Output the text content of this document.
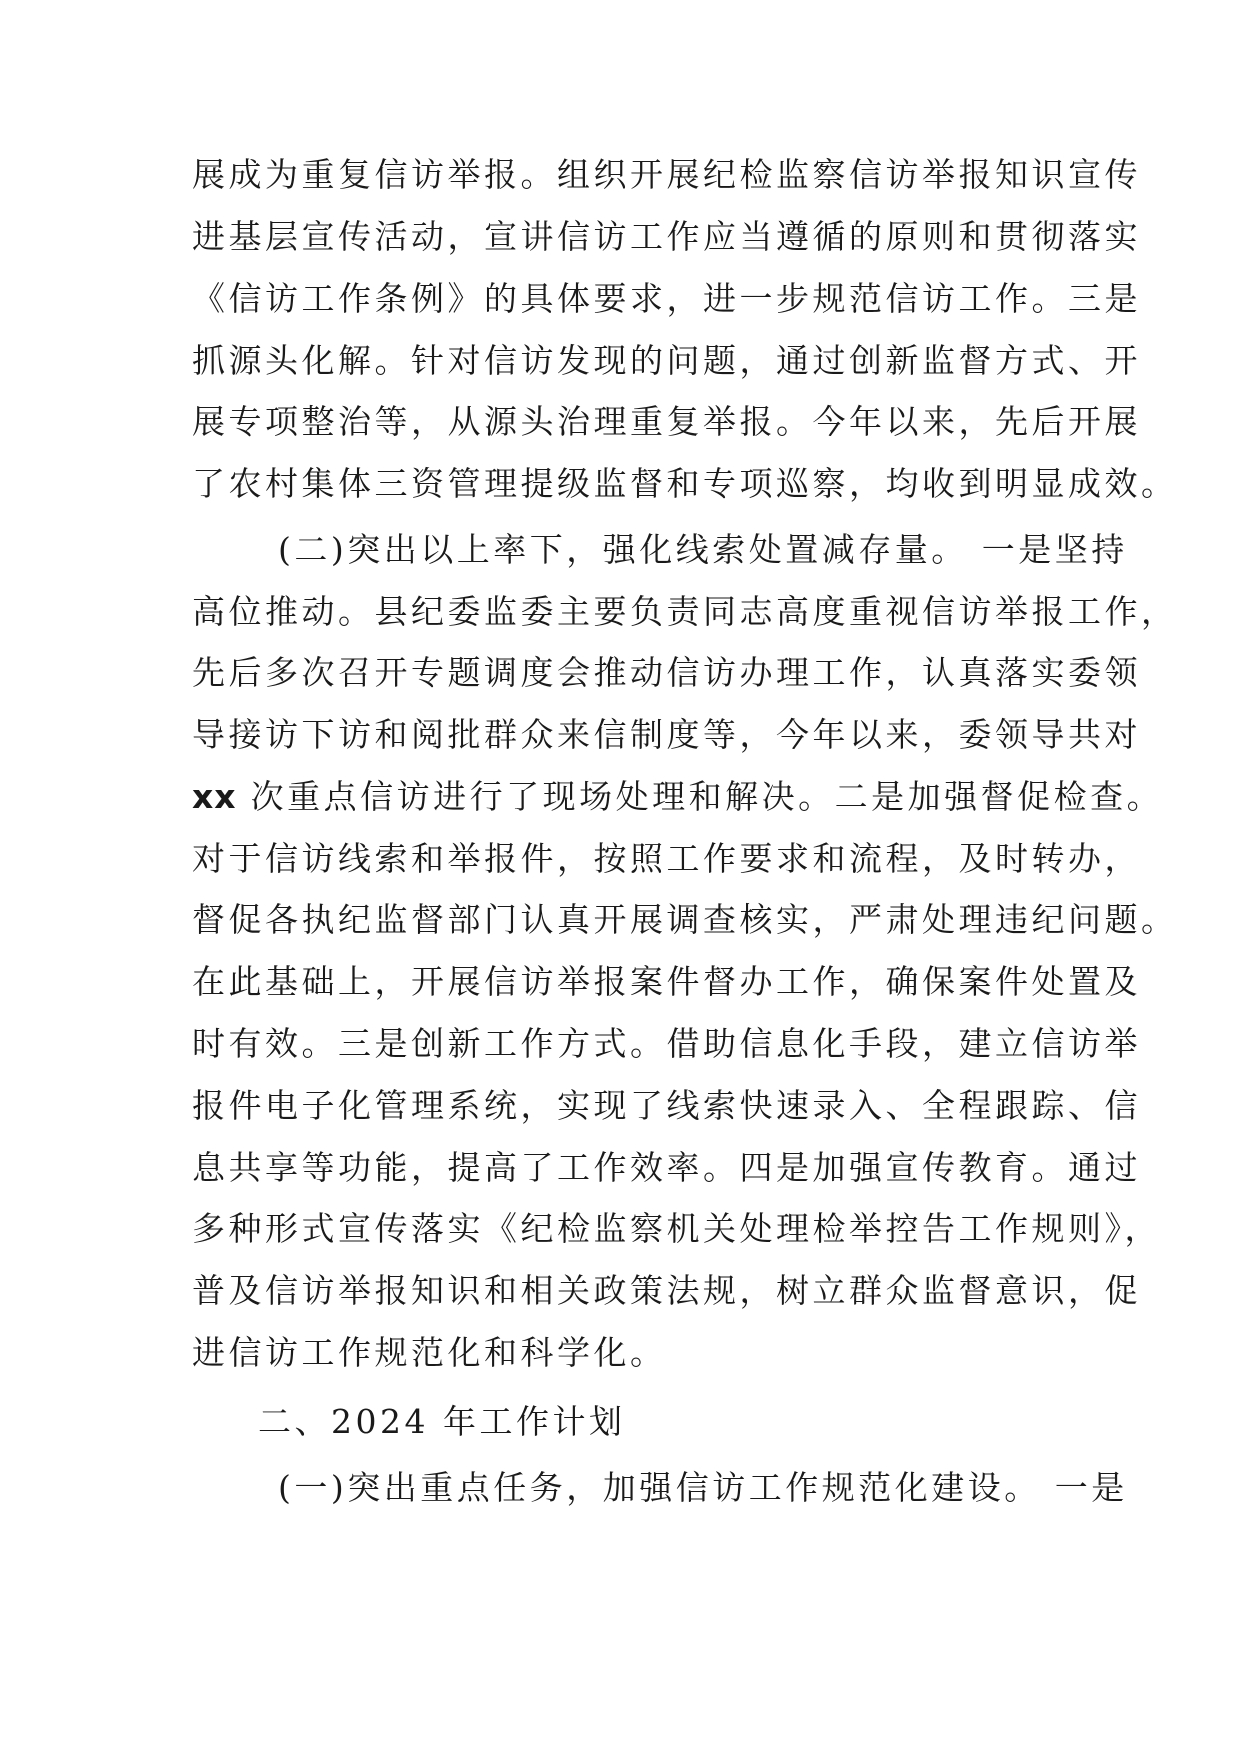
展成为重复信访举报。组织开展纪检监察信访举报知识宣传
进基层宣传活动，宣讲信访工作应当遵循的原则和贯彻落实
《信访工作条例》的具体要求，进一步规范信访工作。三是
抓源头化解。针对信访发现的问题，通过创新监督方式、开
展专项整治等，从源头治理重复举报。今年以来，先后开展
了农村集体三资管理提级监督和专项巡察，均收到明显成效。
(二)突出以上率下，强化线索处置减存量。 一是坚持
高位推动。县纪委监委主要负责同志高度重视信访举报工作，
先后多次召开专题调度会推动信访办理工作，认真落实委领
导接访下访和阅批群众来信制度等，今年以来，委领导共对
xx 次重点信访进行了现场处理和解决。二是加强督促检查。
对于信访线索和举报件，按照工作要求和流程，及时转办，
督促各执纪监督部门认真开展调查核实，严肃处理违纪问题。
在此基础上，开展信访举报案件督办工作，确保案件处置及
时有效。三是创新工作方式。借助信息化手段，建立信访举
报件电子化管理系统，实现了线索快速录入、全程跟踪、信
息共享等功能，提高了工作效率。四是加强宣传教育。通过
多种形式宣传落实《纪检监察机关处理检举控告工作规则》，
普及信访举报知识和相关政策法规，树立群众监督意识，促
进信访工作规范化和科学化。
二、2024 年工作计划
(一)突出重点任务，加强信访工作规范化建设。 一是
